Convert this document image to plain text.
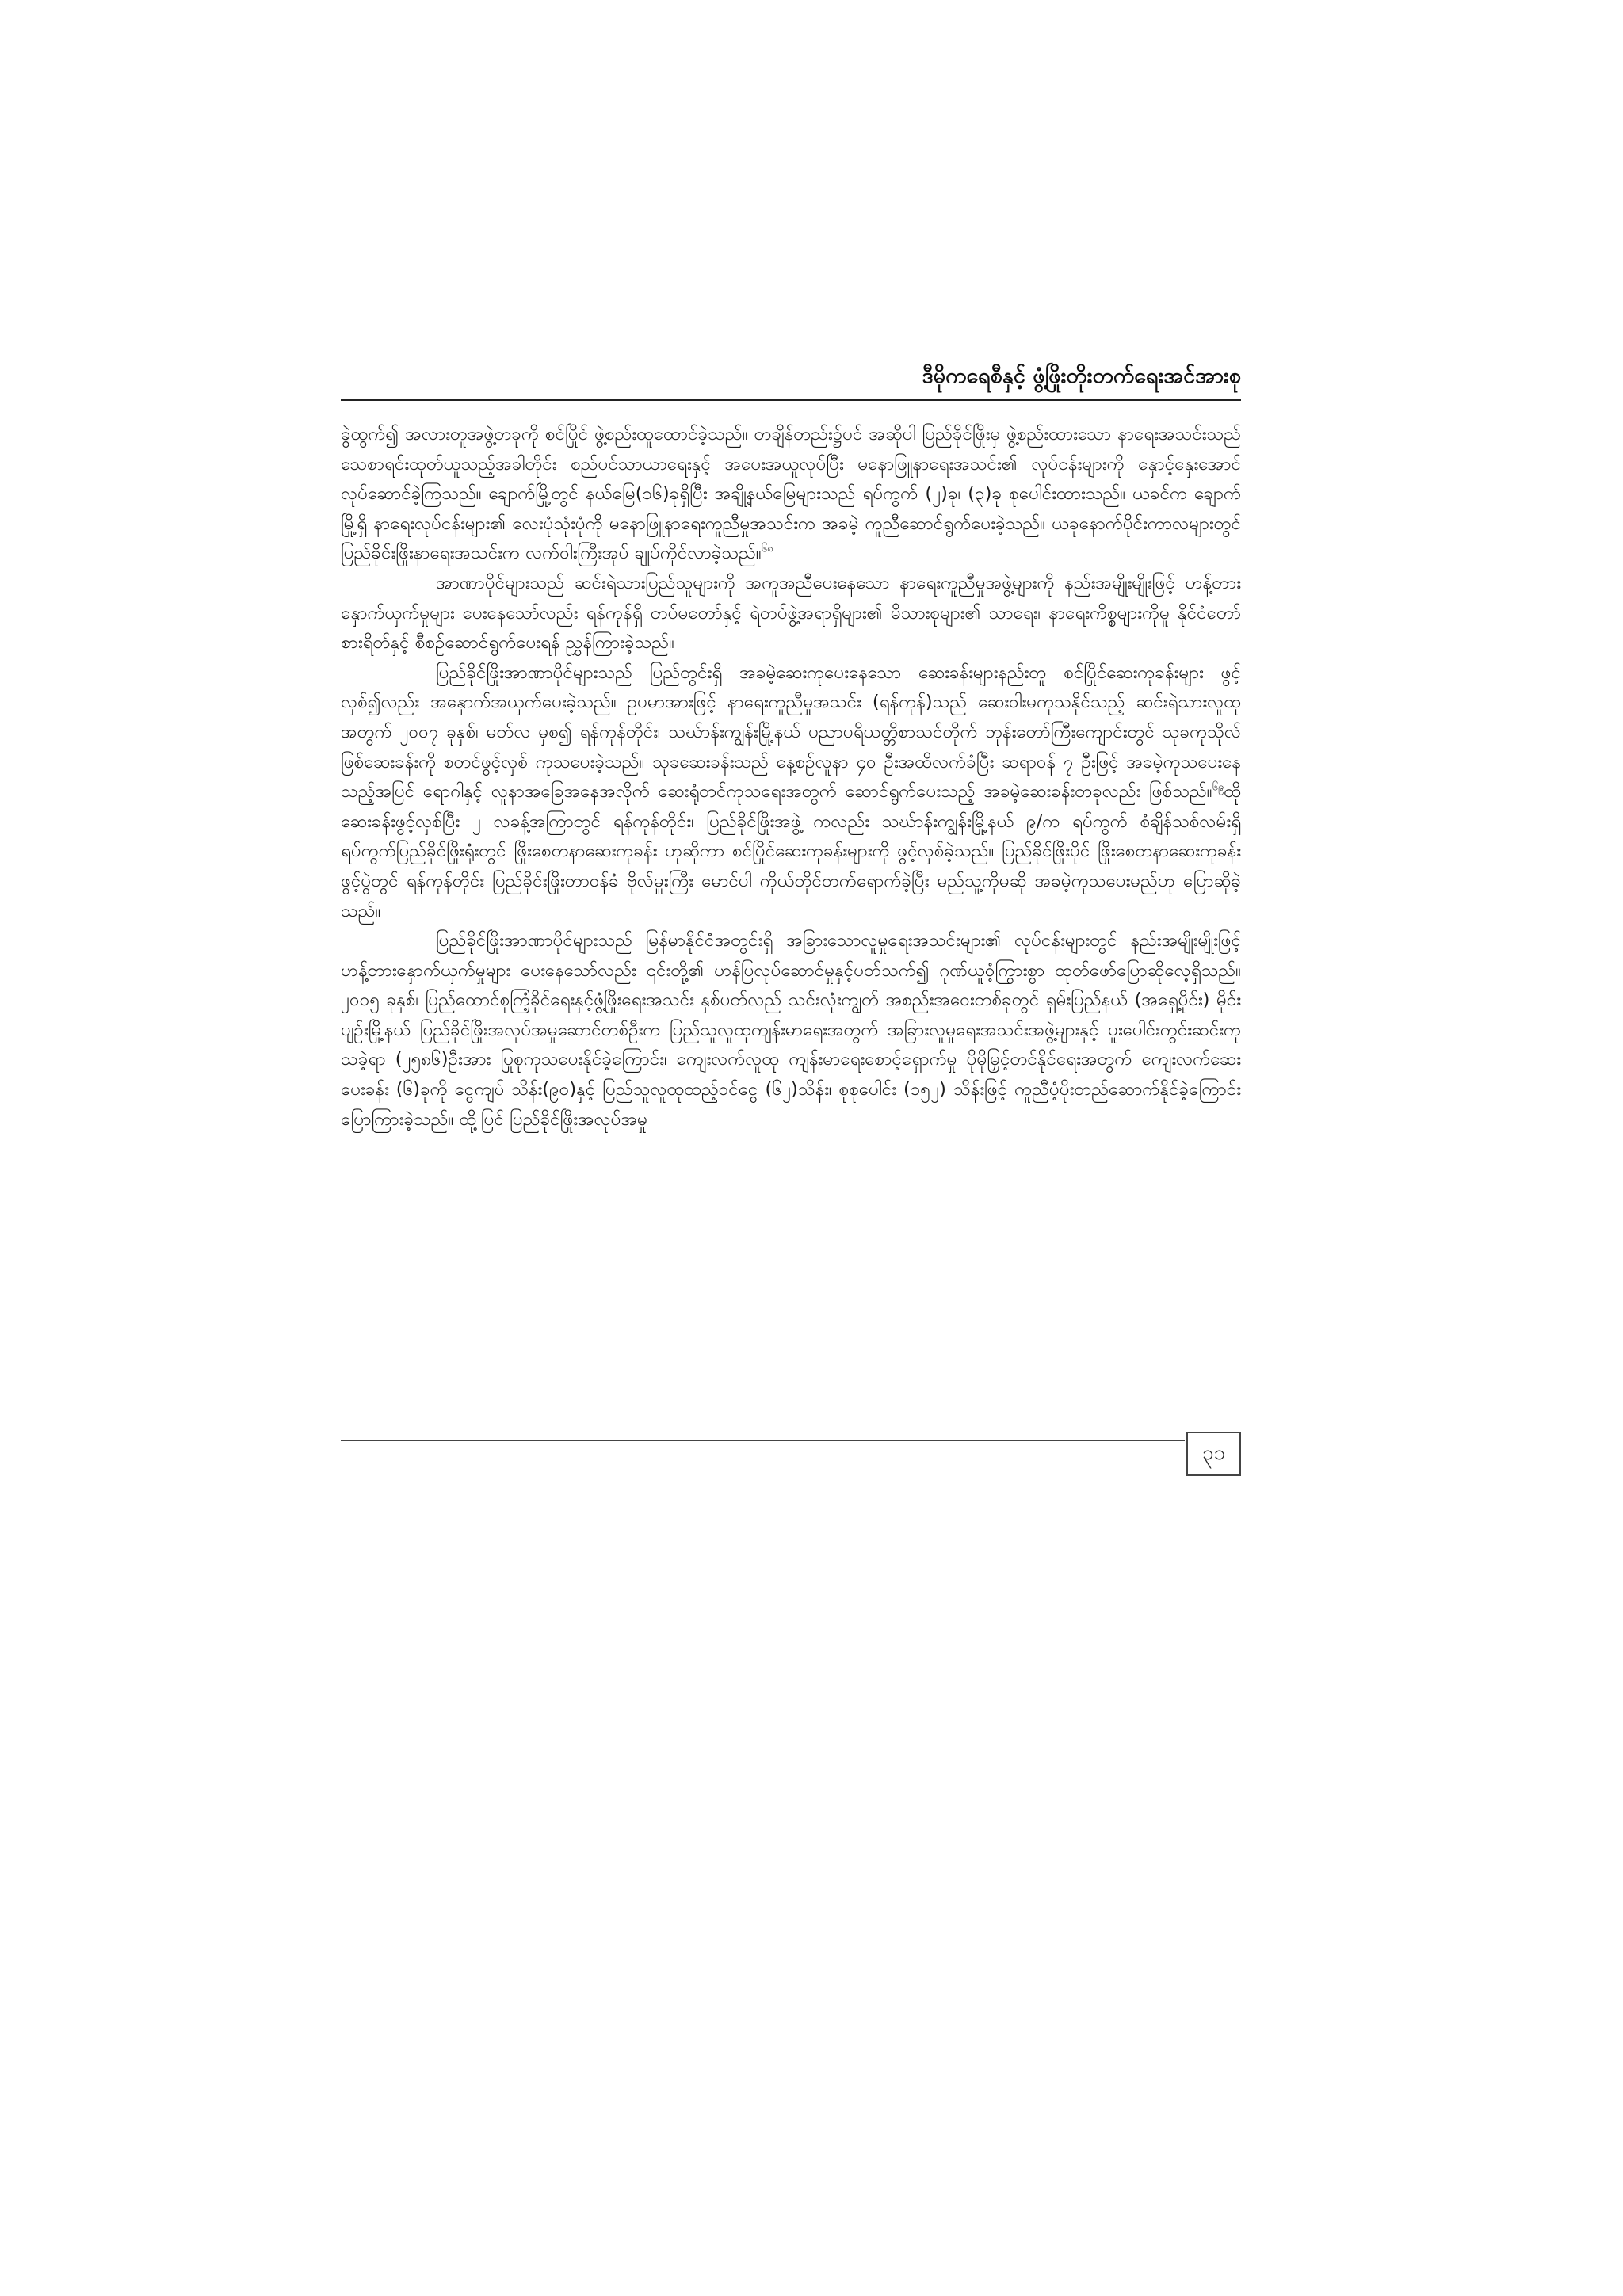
ဒီမိုကရေစီနှင့် ဖွံ့ဖြိုးတိုးတက်ရေးအင်အားစု

ခွဲထွက်၍ အလားတူအဖွဲ့တခုကို စင်ပြိုင် ဖွဲ့စည်းထူထောင်ခဲ့သည်။ တချိန်တည်း၌ပင် အဆိုပါ ပြည်ခိုင်ဖြိုးမှ ဖွဲ့စည်းထားသော နာရေးအသင်းသည် သေစာရင်းထုတ်ယူသည့်အခါတိုင်း စည်ပင်သာယာရေးနှင့် အပေးအယူလုပ်ပြီး မနောဖြူနာရေးအသင်း၏ လုပ်ငန်းများကို နှောင့်နှေးအောင် လုပ်ဆောင်ခဲ့ကြသည်။ ချောက်မြို့တွင် နယ်မြေ(၁၆)ခုရှိပြီး အချို့နယ်မြေများသည် ရပ်ကွက် (၂)ခု၊ (၃)ခု စုပေါင်းထားသည်။ ယခင်က ချောက်မြို့ရှိ နာရေးလုပ်ငန်းများ၏ လေးပုံသုံးပုံကို မနောဖြူနာရေးကူညီမှုအသင်းက အခမဲ့ ကူညီဆောင်ရွက်ပေးခဲ့သည်။ ယခုနောက်ပိုင်းကာလများတွင် ပြည်ခိုင်းဖြိုးနာရေးအသင်းက လက်ဝါးကြီးအုပ် ချုပ်ကိုင်လာခဲ့သည်။$^{၆၈}$

အာဏာပိုင်များသည် ဆင်းရဲသားပြည်သူများကို အကူအညီပေးနေသော နာရေးကူညီမှုအဖွဲ့များကို နည်းအမျိုးမျိုးဖြင့် ဟန့်တားနှောက်ယှက်မှုများ ပေးနေသော်လည်း ရန်ကုန်ရှိ တပ်မတော်နှင့် ရဲတပ်ဖွဲ့အရာရှိများ၏ မိသားစုများ၏ သာရေး၊ နာရေးကိစ္စများကိုမူ နိုင်ငံတော်စားရိတ်နှင့် စီစဉ်ဆောင်ရွက်ပေးရန် ညွှန်ကြားခဲ့သည်။

ပြည်ခိုင်ဖြိုးအာဏာပိုင်များသည် ပြည်တွင်းရှိ အခမဲ့ဆေးကုပေးနေသော ဆေးခန်းများနည်းတူ စင်ပြိုင်ဆေးကုခန်းများ ဖွင့်လှစ်၍လည်း အနှောက်အယှက်ပေးခဲ့သည်။ ဥပမာအားဖြင့် နာရေးကူညီမှုအသင်း (ရန်ကုန်)သည် ဆေးဝါးမကုသနိုင်သည့် ဆင်းရဲသားလူထုအတွက် ၂၀၀၇ ခုနှစ်၊ မတ်လ မှစ၍ ရန်ကုန်တိုင်း၊ သဃ်ာန်းကျွန်းမြို့နယ် ပညာပရိယတ္တိစာသင်တိုက် ဘုန်းတော်ကြီးကျောင်းတွင် သုခကုသိုလ်ဖြစ်ဆေးခန်းကို စတင်ဖွင့်လှစ် ကုသပေးခဲ့သည်။ သုခဆေးခန်းသည် နေ့စဉ်လူနာ ၄၀ ဦးအထိလက်ခံပြီး ဆရာဝန် ၇ ဦးဖြင့် အခမဲ့ကုသပေးနေသည့်အပြင် ရောဂါနှင့် လူနာအခြေအနေအလိုက် ဆေးရုံတင်ကုသရေးအတွက် ဆောင်ရွက်ပေးသည့် အခမဲ့ဆေးခန်းတခုလည်း ဖြစ်သည်။$^{၆၉}$ထိုဆေးခန်းဖွင့်လှစ်ပြီး ၂ လခန့်အကြာတွင် ရန်ကုန်တိုင်း၊ ပြည်ခိုင်ဖြိုးအဖွဲ့ ကလည်း သဃ်ာန်းကျွန်းမြို့နယ် ၉/က ရပ်ကွက် စံချိန်သစ်လမ်းရှိ ရပ်ကွက်ပြည်ခိုင်ဖြိုးရုံးတွင် ဖြိုးစေတနာဆေးကုခန်း ဟုဆိုကာ စင်ပြိုင်ဆေးကုခန်းများကို ဖွင့်လှစ်ခဲ့သည်။ ပြည်ခိုင်ဖြိုးပိုင် ဖြိုးစေတနာဆေးကုခန်းဖွင့်ပွဲတွင် ရန်ကုန်တိုင်း ပြည်ခိုင်းဖြိုးတာဝန်ခံ ဗိုလ်မှူးကြီး မောင်ပါ ကိုယ်တိုင်တက်ရောက်ခဲ့ပြီး မည်သူ့ကိုမဆို အခမဲ့ကုသပေးမည်ဟု ပြောဆိုခဲ့သည်။

ပြည်ခိုင်ဖြိုးအာဏာပိုင်များသည် မြန်မာနိုင်ငံအတွင်းရှိ အခြားသောလူမှုရေးအသင်းများ၏ လုပ်ငန်းများတွင် နည်းအမျိုးမျိုးဖြင့် ဟန့်တားနှောက်ယှက်မှုများ ပေးနေသော်လည်း ၎င်းတို့၏ ဟန်ပြလုပ်ဆောင်မှုနှင့်ပတ်သက်၍ ဂုဏ်ယူဝံ့ကြွားစွာ ထုတ်ဖော်ပြောဆိုလေ့ရှိသည်။ ၂၀၀၅ ခုနှစ်၊ ပြည်ထောင်စုကြံ့ခိုင်ရေးနှင့်ဖွံ့ဖြိုးရေးအသင်း နှစ်ပတ်လည် သင်းလုံးကျွတ် အစည်းအဝေးတစ်ခုတွင် ရှမ်းပြည်နယ် (အရှေ့ပိုင်း) မိုင်းပျဉ်းမြို့နယ် ပြည်ခိုင်ဖြိုးအလုပ်အမှုဆောင်တစ်ဦးက ပြည်သူလူထုကျန်းမာရေးအတွက် အခြားလူမှုရေးအသင်းအဖွဲ့များနှင့် ပူးပေါင်းကွင်းဆင်းကုသခဲ့ရာ (၂၅၈၆)ဦးအား ပြုစုကုသပေးနိုင်ခဲ့ကြောင်း၊ ကျေးလက်လူထု ကျန်းမာရေးစောင့်ရှောက်မှု ပိုမိုမြှင့်တင်နိုင်ရေးအတွက် ကျေးလက်ဆေးပေးခန်း (၆)ခုကို ငွေကျပ် သိန်း(၉၀)နှင့် ပြည်သူလူထုထည့်ဝင်ငွေ (၆၂)သိန်း၊ စုစုပေါင်း (၁၅၂) သိန်းဖြင့် ကူညီပံ့ပိုးတည်ဆောက်နိုင်ခဲ့ကြောင်း ပြောကြားခဲ့သည်။ ထို့ပြင် ပြည်ခိုင်ဖြိုးအလုပ်အမှု

၃၁
